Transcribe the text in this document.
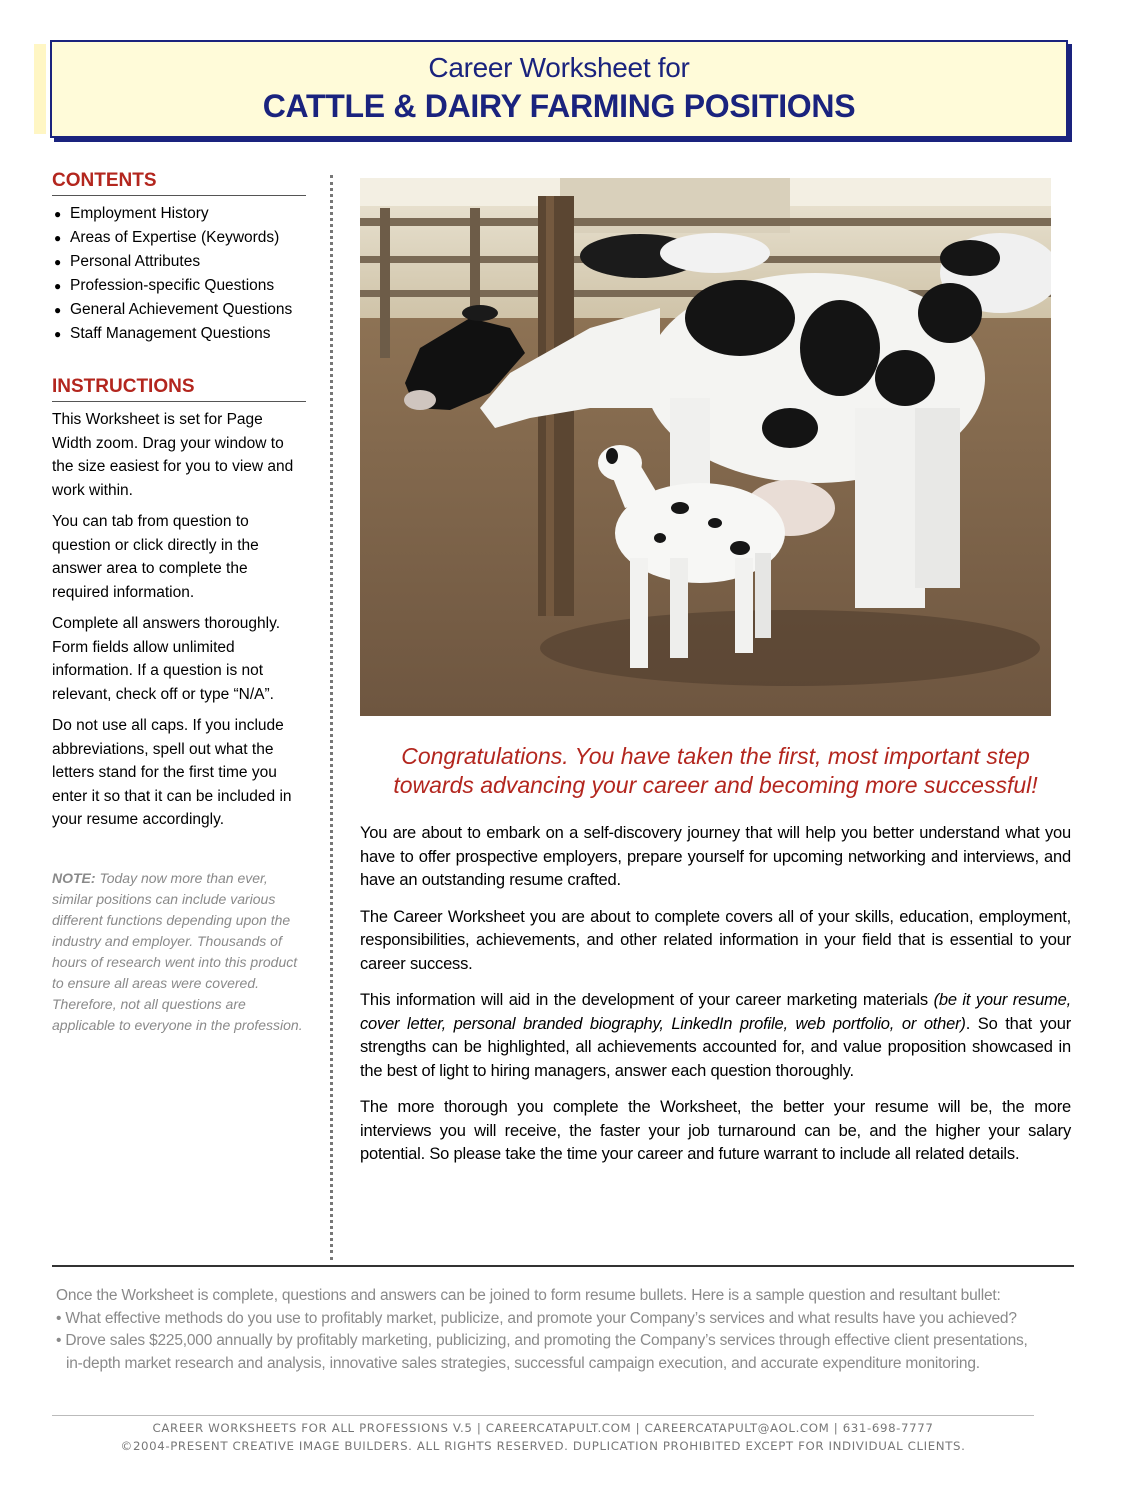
Career Worksheet for
CATTLE & DAIRY FARMING POSITIONS
CONTENTS
● Employment History
● Areas of Expertise (Keywords)
● Personal Attributes
● Profession-specific Questions
● General Achievement Questions
● Staff Management Questions
INSTRUCTIONS

This Worksheet is set for Page Width zoom. Drag your window to the size easiest for you to view and work within.

You can tab from question to question or click directly in the answer area to complete the required information.

Complete all answers thoroughly. Form fields allow unlimited information. If a question is not relevant, check off or type “N/A”.

Do not use all caps. If you include abbreviations, spell out what the letters stand for the first time you enter it so that it can be included in your resume accordingly.

NOTE: Today now more than ever, similar positions can include various different functions depending upon the industry and employer. Thousands of hours of research went into this product to ensure all areas were covered. Therefore, not all questions are applicable to everyone in the profession.
Congratulations. You have taken the first, most important step
towards advancing your career and becoming more successful!

You are about to embark on a self-discovery journey that will help you better understand what you have to offer prospective employers, prepare yourself for upcoming networking and interviews, and have an outstanding resume crafted.

The Career Worksheet you are about to complete covers all of your skills, education, employment, responsibilities, achievements, and other related information in your field that is essential to your career success.

This information will aid in the development of your career marketing materials (be it your resume, cover letter, personal branded biography, LinkedIn profile, web portfolio, or other). So that your strengths can be highlighted, all achievements accounted for, and value proposition showcased in the best of light to hiring managers, answer each question thoroughly.

The more thorough you complete the Worksheet, the better your resume will be, the more interviews you will receive, the faster your job turnaround can be, and the higher your salary potential. So please take the time your career and future warrant to include all related details.

Once the Worksheet is complete, questions and answers can be joined to form resume bullets. Here is a sample question and resultant bullet:
• What effective methods do you use to profitably market, publicize, and promote your Company’s services and what results have you achieved?
• Drove sales $225,000 annually by profitably marketing, publicizing, and promoting the Company’s services through effective client presentations,
in-depth market research and analysis, innovative sales strategies, successful campaign execution, and accurate expenditure monitoring.
CAREER WORKSHEETS FOR ALL PROFESSIONS V.5 | CAREERCATAPULT.COM | CAREERCATAPULT@AOL.COM | 631-698-7777
©2004-PRESENT CREATIVE IMAGE BUILDERS. ALL RIGHTS RESERVED. DUPLICATION PROHIBITED EXCEPT FOR INDIVIDUAL CLIENTS.
